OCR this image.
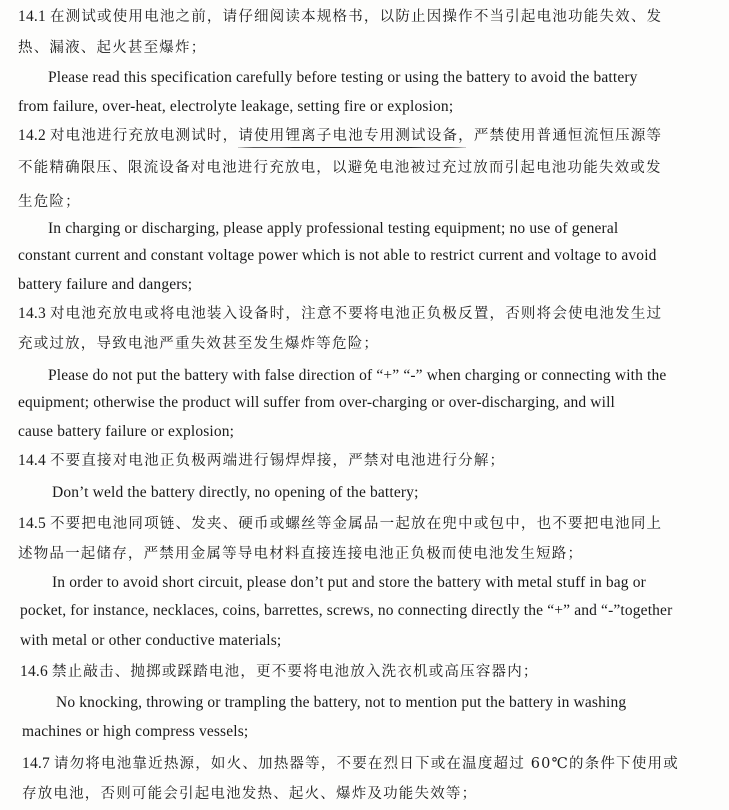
14.1 在测试或使用电池之前，请仔细阅读本规格书，以防止因操作不当引起电池功能失效、发
热、漏液、起火甚至爆炸；
Please read this specification carefully before testing or using the battery to avoid the battery
from failure, over-heat, electrolyte leakage, setting fire or explosion;
14.2 对电池进行充放电测试时，请使用锂离子电池专用测试设备，严禁使用普通恒流恒压源等
不能精确限压、限流设备对电池进行充放电，以避免电池被过充过放而引起电池功能失效或发
生危险；
In charging or discharging, please apply professional testing equipment; no use of general
constant current and constant voltage power which is not able to restrict current and voltage to avoid
battery failure and dangers;
14.3 对电池充放电或将电池装入设备时，注意不要将电池正负极反置，否则将会使电池发生过
充或过放，导致电池严重失效甚至发生爆炸等危险；
Please do not put the battery with false direction of “+” “-” when charging or connecting with the
equipment; otherwise the product will suffer from over-charging or over-discharging, and will
cause battery failure or explosion;
14.4 不要直接对电池正负极两端进行锡焊焊接，严禁对电池进行分解；
Don’t weld the battery directly, no opening of the battery;
14.5 不要把电池同项链、发夹、硬币或螺丝等金属品一起放在兜中或包中，也不要把电池同上
述物品一起储存，严禁用金属等导电材料直接连接电池正负极而使电池发生短路；
In order to avoid short circuit, please don’t put and store the battery with metal stuff in bag or
pocket, for instance, necklaces, coins, barrettes, screws, no connecting directly the “+” and “-”together
with metal or other conductive materials;
14.6 禁止敲击、抛掷或踩踏电池，更不要将电池放入洗衣机或高压容器内；
No knocking, throwing or trampling the battery, not to mention put the battery in washing
machines or high compress vessels;
14.7 请勿将电池靠近热源，如火、加热器等，不要在烈日下或在温度超过 60℃的条件下使用或
存放电池，否则可能会引起电池发热、起火、爆炸及功能失效等；
